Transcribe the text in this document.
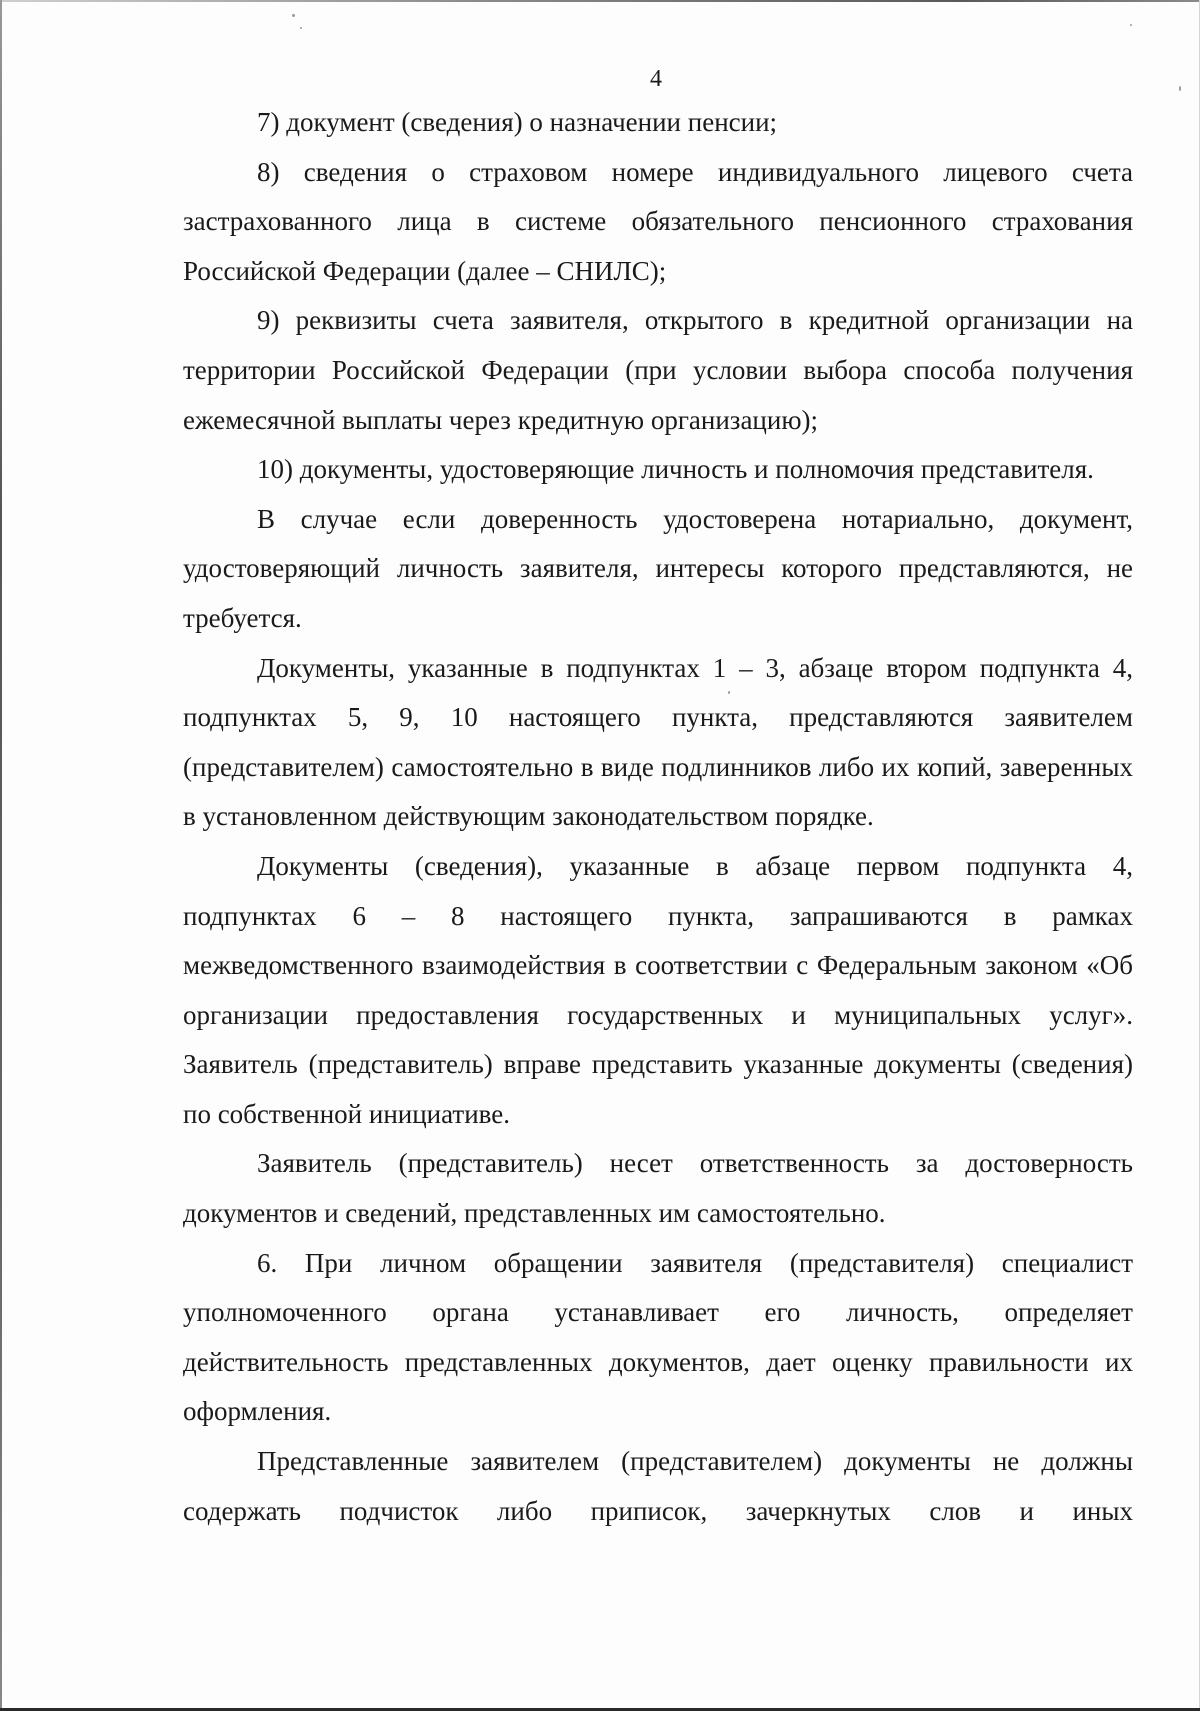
4

7) документ (сведения) о назначении пенсии;

8) сведения о страховом номере индивидуального лицевого счета застрахованного лица в системе обязательного пенсионного страхования Российской Федерации (далее – СНИЛС);

9) реквизиты счета заявителя, открытого в кредитной организации на территории Российской Федерации (при условии выбора способа получения ежемесячной выплаты через кредитную организацию);

10) документы, удостоверяющие личность и полномочия представителя.

В случае если доверенность удостоверена нотариально, документ, удостоверяющий личность заявителя, интересы которого представляются, не требуется.

Документы, указанные в подпунктах 1 – 3, абзаце втором подпункта 4, подпунктах 5, 9, 10 настоящего пункта, представляются заявителем (представителем) самостоятельно в виде подлинников либо их копий, заверенных в установленном действующим законодательством порядке.

Документы (сведения), указанные в абзаце первом подпункта 4, подпунктах 6 – 8 настоящего пункта, запрашиваются в рамках межведомственного взаимодействия в соответствии с Федеральным законом «Об организации предоставления государственных и муниципальных услуг». Заявитель (представитель) вправе представить указанные документы (сведения) по собственной инициативе.

Заявитель (представитель) несет ответственность за достоверность документов и сведений, представленных им самостоятельно.

6. При личном обращении заявителя (представителя) специалист уполномоченного органа устанавливает его личность, определяет действительность представленных документов, дает оценку правильности их оформления.

Представленные заявителем (представителем) документы не должны содержать подчисток либо приписок, зачеркнутых слов и иных
